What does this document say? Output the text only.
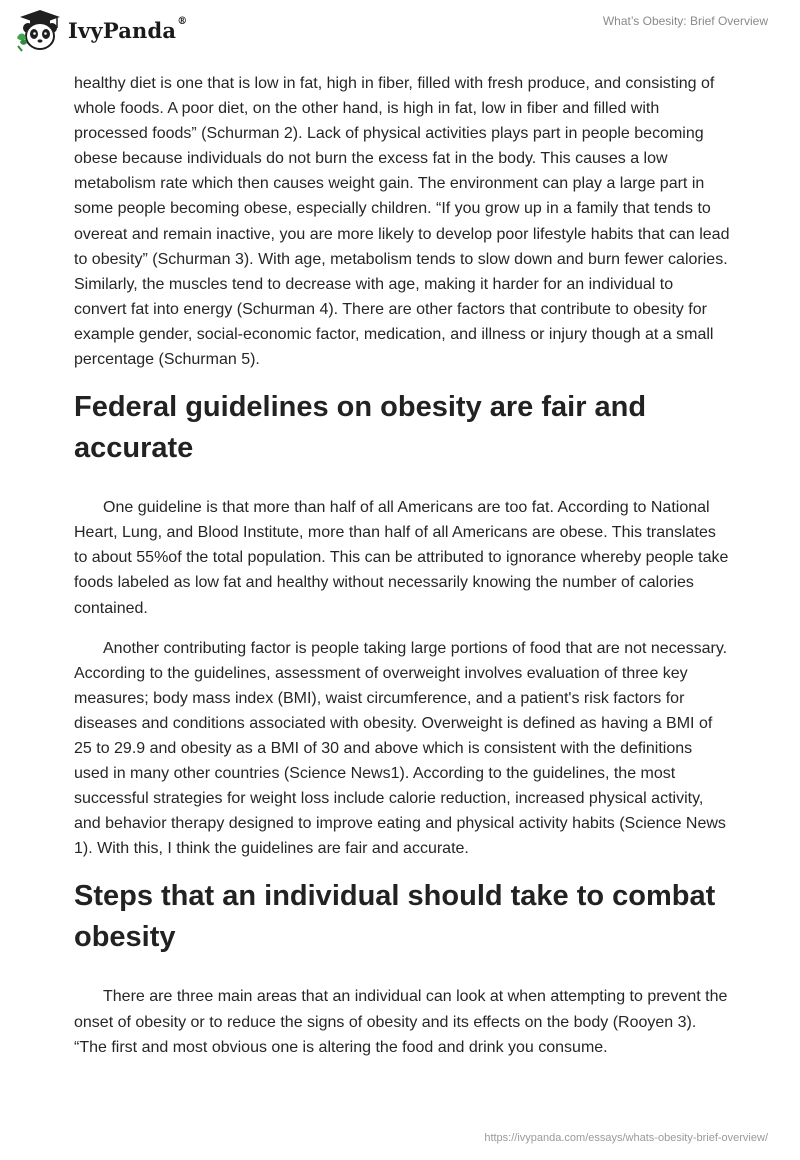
IvyPanda®	What’s Obesity: Brief Overview

healthy diet is one that is low in fat, high in fiber, filled with fresh produce, and consisting of whole foods. A poor diet, on the other hand, is high in fat, low in fiber and filled with processed foods” (Schurman 2). Lack of physical activities plays part in people becoming obese because individuals do not burn the excess fat in the body. This causes a low metabolism rate which then causes weight gain. The environment can play a large part in some people becoming obese, especially children. “If you grow up in a family that tends to overeat and remain inactive, you are more likely to develop poor lifestyle habits that can lead to obesity” (Schurman 3). With age, metabolism tends to slow down and burn fewer calories. Similarly, the muscles tend to decrease with age, making it harder for an individual to convert fat into energy (Schurman 4). There are other factors that contribute to obesity for example gender, social-economic factor, medication, and illness or injury though at a small percentage (Schurman 5).

Federal guidelines on obesity are fair and accurate

One guideline is that more than half of all Americans are too fat. According to National Heart, Lung, and Blood Institute, more than half of all Americans are obese. This translates to about 55%of the total population. This can be attributed to ignorance whereby people take foods labeled as low fat and healthy without necessarily knowing the number of calories contained.

Another contributing factor is people taking large portions of food that are not necessary. According to the guidelines, assessment of overweight involves evaluation of three key measures; body mass index (BMI), waist circumference, and a patient's risk factors for diseases and conditions associated with obesity. Overweight is defined as having a BMI of 25 to 29.9 and obesity as a BMI of 30 and above which is consistent with the definitions used in many other countries (Science News1). According to the guidelines, the most successful strategies for weight loss include calorie reduction, increased physical activity, and behavior therapy designed to improve eating and physical activity habits (Science News 1). With this, I think the guidelines are fair and accurate.

Steps that an individual should take to combat obesity

There are three main areas that an individual can look at when attempting to prevent the onset of obesity or to reduce the signs of obesity and its effects on the body (Rooyen 3). “The first and most obvious one is altering the food and drink you consume.

https://ivypanda.com/essays/whats-obesity-brief-overview/
